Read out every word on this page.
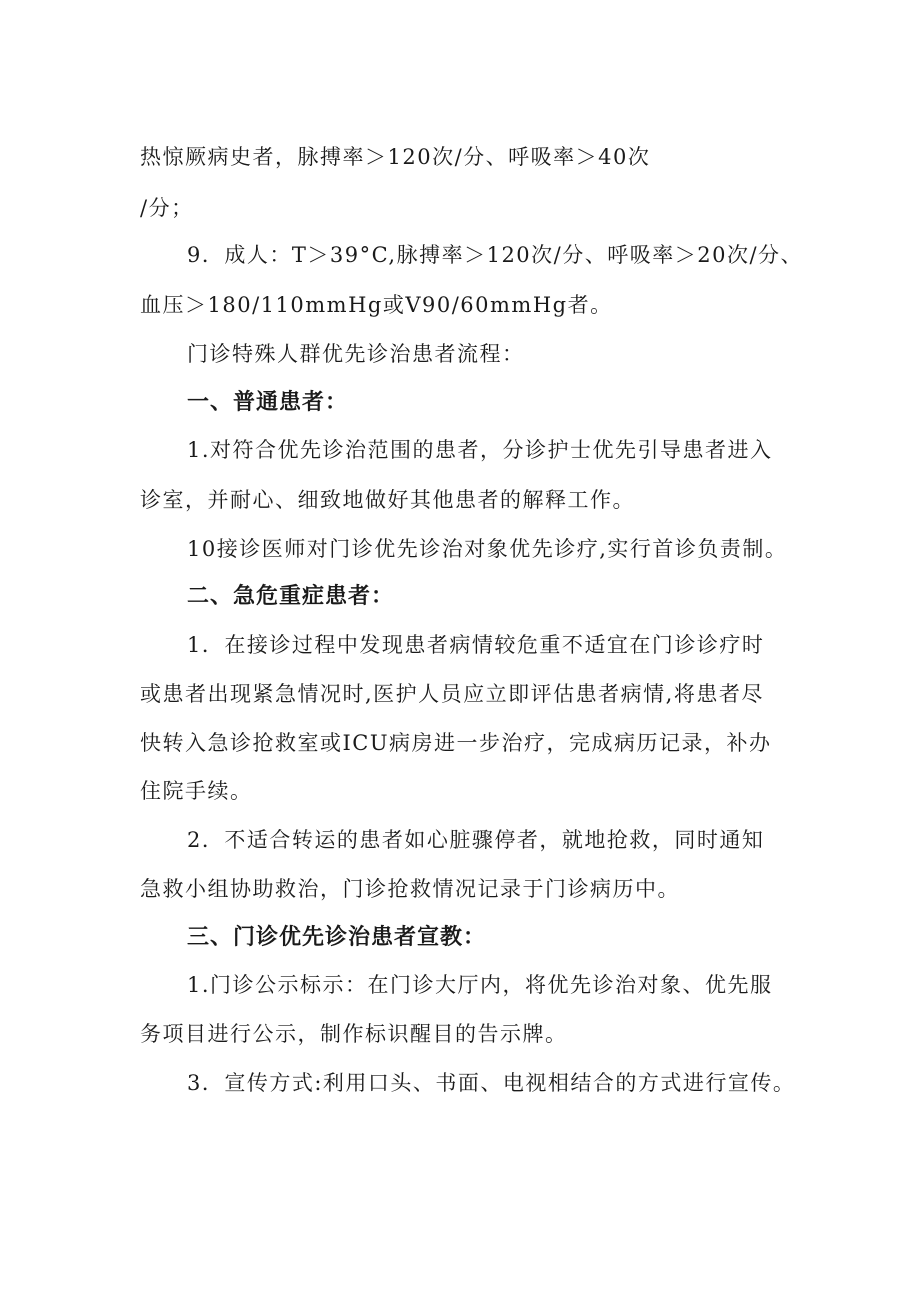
热惊厥病史者，脉搏率＞120次/分、呼吸率＞40次
/分；
9．成人：T＞39°C,脉搏率＞120次/分、呼吸率＞20次/分、
血压＞180/110mmHg或V90/60mmHg者。
门诊特殊人群优先诊治患者流程：
一、普通患者：
1.对符合优先诊治范围的患者，分诊护士优先引导患者进入
诊室，并耐心、细致地做好其他患者的解释工作。
10接诊医师对门诊优先诊治对象优先诊疗,实行首诊负责制。
二、急危重症患者：
1．在接诊过程中发现患者病情较危重不适宜在门诊诊疗时
或患者出现紧急情况时,医护人员应立即评估患者病情,将患者尽
快转入急诊抢救室或ICU病房进一步治疗，完成病历记录，补办
住院手续。
2．不适合转运的患者如心脏骤停者，就地抢救，同时通知
急救小组协助救治，门诊抢救情况记录于门诊病历中。
三、门诊优先诊治患者宣教：
1.门诊公示标示：在门诊大厅内，将优先诊治对象、优先服
务项目进行公示，制作标识醒目的告示牌。
3．宣传方式:利用口头、书面、电视相结合的方式进行宣传。
